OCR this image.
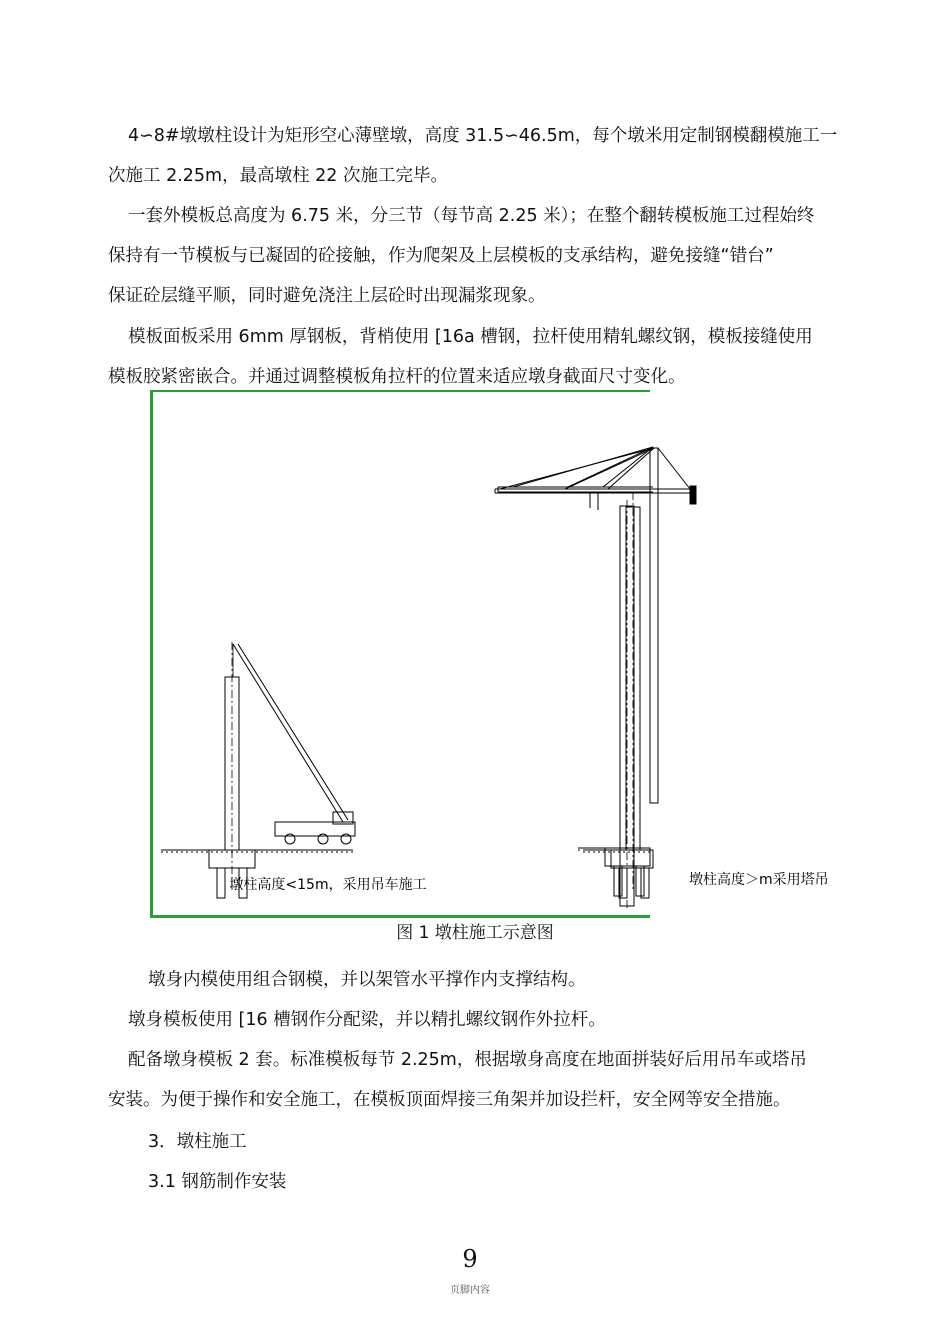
4∽8#墩墩柱设计为矩形空心薄壁墩，高度 31.5∽46.5m，每个墩米用定制钢模翻模施工一
次施工 2.25m，最高墩柱 22 次施工完毕。
一套外模板总高度为 6.75 米，分三节（每节高 2.25 米）；在整个翻转模板施工过程始终
保持有一节模板与已凝固的砼接触，作为爬架及上层模板的支承结构，避免接缝“错台”
保证砼层缝平顺，同时避免浇注上层砼时出现漏浆现象。
模板面板采用 6mm 厚钢板，背梢使用 [16a 槽钢，拉杆使用精轧螺纹钢，模板接缝使用
模板胶紧密嵌合。并通过调整模板角拉杆的位置来适应墩身截面尺寸变化。
墩柱高度<15m，采用吊车施工	墩柱高度＞m采用塔吊
图 1 墩柱施工示意图
墩身内模使用组合钢模，并以架管水平撑作内支撑结构。
墩身模板使用 [16 槽钢作分配梁，并以精扎螺纹钢作外拉杆。
配备墩身模板 2 套。标准模板每节 2.25m，根据墩身高度在地面拼装好后用吊车或塔吊
安装。为便于操作和安全施工，在模板顶面焊接三角架并加设拦杆，安全网等安全措施。
3．墩柱施工
3.1 钢筋制作安装
9
页脚内容
